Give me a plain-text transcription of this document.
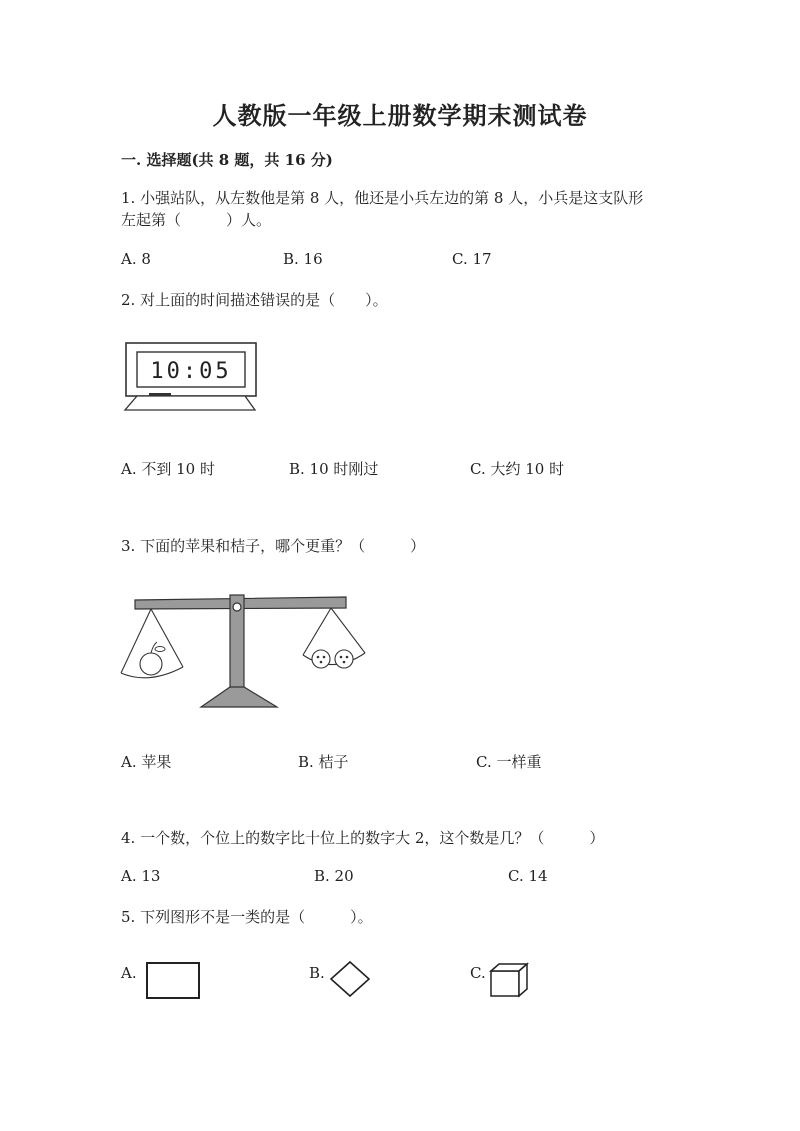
人教版一年级上册数学期末测试卷
一. 选择题(共 8 题，共 16 分)
1. 小强站队，从左数他是第 8 人，他还是小兵左边的第 8 人，小兵是这支队形
左起第（　　　）人。
A. 8	B. 16	C. 17
2. 对上面的时间描述错误的是（　　）。
10:05
A. 不到 10 时	B. 10 时刚过	C. 大约 10 时
3. 下面的苹果和桔子，哪个更重？（　　　）
A. 苹果	B. 桔子	C. 一样重
4. 一个数，个位上的数字比十位上的数字大 2，这个数是几？（　　　）
A. 13	B. 20	C. 14
5. 下列图形不是一类的是（　　　）。
A.	B.	C.
